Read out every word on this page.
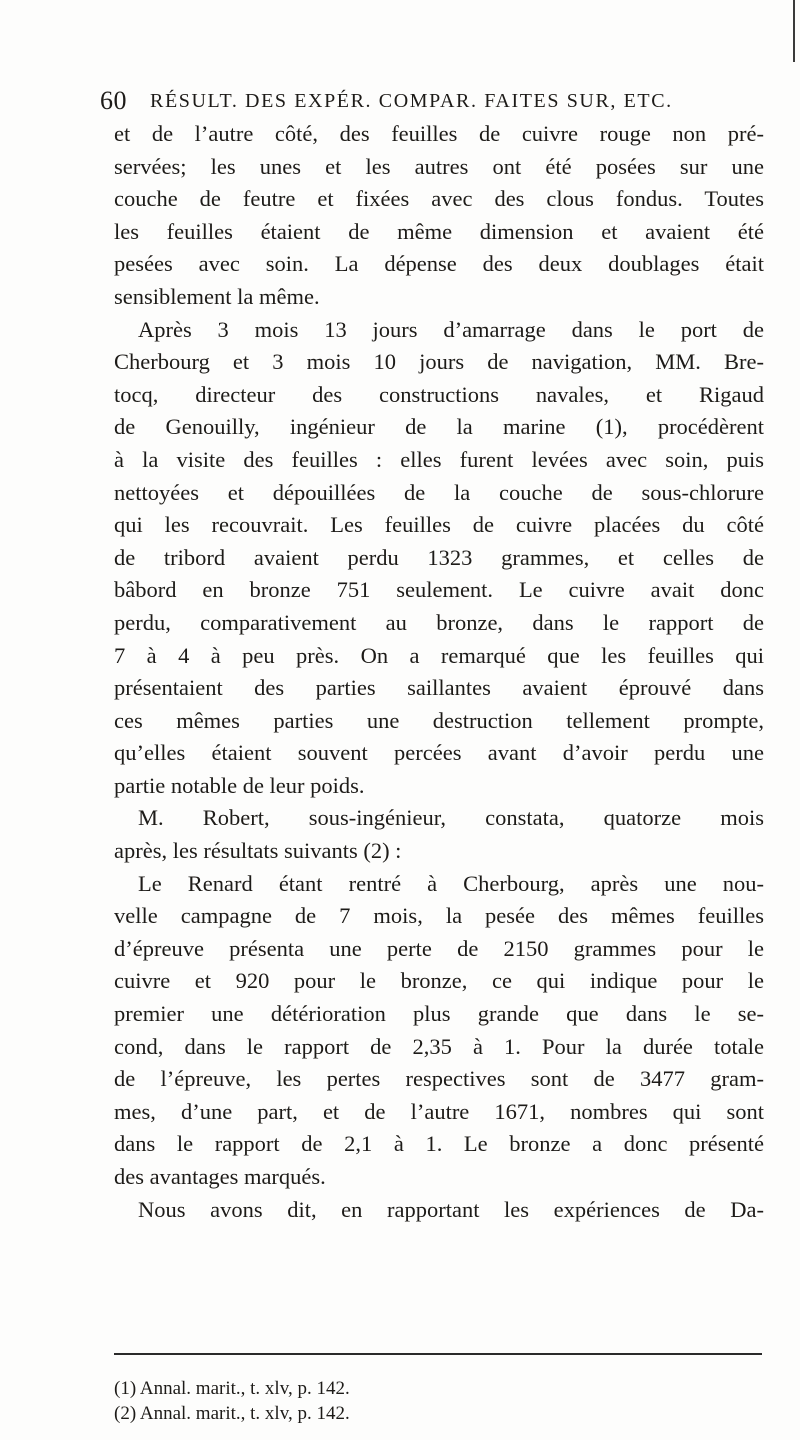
60 RÉSULT. DES EXPÉR. COMPAR. FAITES SUR, ETC.
et de l’autre côté, des feuilles de cuivre rouge non pré-
servées; les unes et les autres ont été posées sur une
couche de feutre et fixées avec des clous fondus. Toutes
les feuilles étaient de même dimension et avaient été
pesées avec soin. La dépense des deux doublages était
sensiblement la même.
Après 3 mois 13 jours d’amarrage dans le port de
Cherbourg et 3 mois 10 jours de navigation, MM. Bre-
tocq, directeur des constructions navales, et Rigaud
de Genouilly, ingénieur de la marine (1), procédèrent
à la visite des feuilles : elles furent levées avec soin, puis
nettoyées et dépouillées de la couche de sous-chlorure
qui les recouvrait. Les feuilles de cuivre placées du côté
de tribord avaient perdu 1323 grammes, et celles de
bâbord en bronze 751 seulement. Le cuivre avait donc
perdu, comparativement au bronze, dans le rapport de
7 à 4 à peu près. On a remarqué que les feuilles qui
présentaient des parties saillantes avaient éprouvé dans
ces mêmes parties une destruction tellement prompte,
qu’elles étaient souvent percées avant d’avoir perdu une
partie notable de leur poids.
M. Robert, sous-ingénieur, constata, quatorze mois
après, les résultats suivants (2) :
Le Renard étant rentré à Cherbourg, après une nou-
velle campagne de 7 mois, la pesée des mêmes feuilles
d’épreuve présenta une perte de 2150 grammes pour le
cuivre et 920 pour le bronze, ce qui indique pour le
premier une détérioration plus grande que dans le se-
cond, dans le rapport de 2,35 à 1. Pour la durée totale
de l’épreuve, les pertes respectives sont de 3477 gram-
mes, d’une part, et de l’autre 1671, nombres qui sont
dans le rapport de 2,1 à 1. Le bronze a donc présenté
des avantages marqués.
Nous avons dit, en rapportant les expériences de Da-
(1) Annal. marit., t. xlv, p. 142.
(2) Annal. marit., t. xlv, p. 142.
